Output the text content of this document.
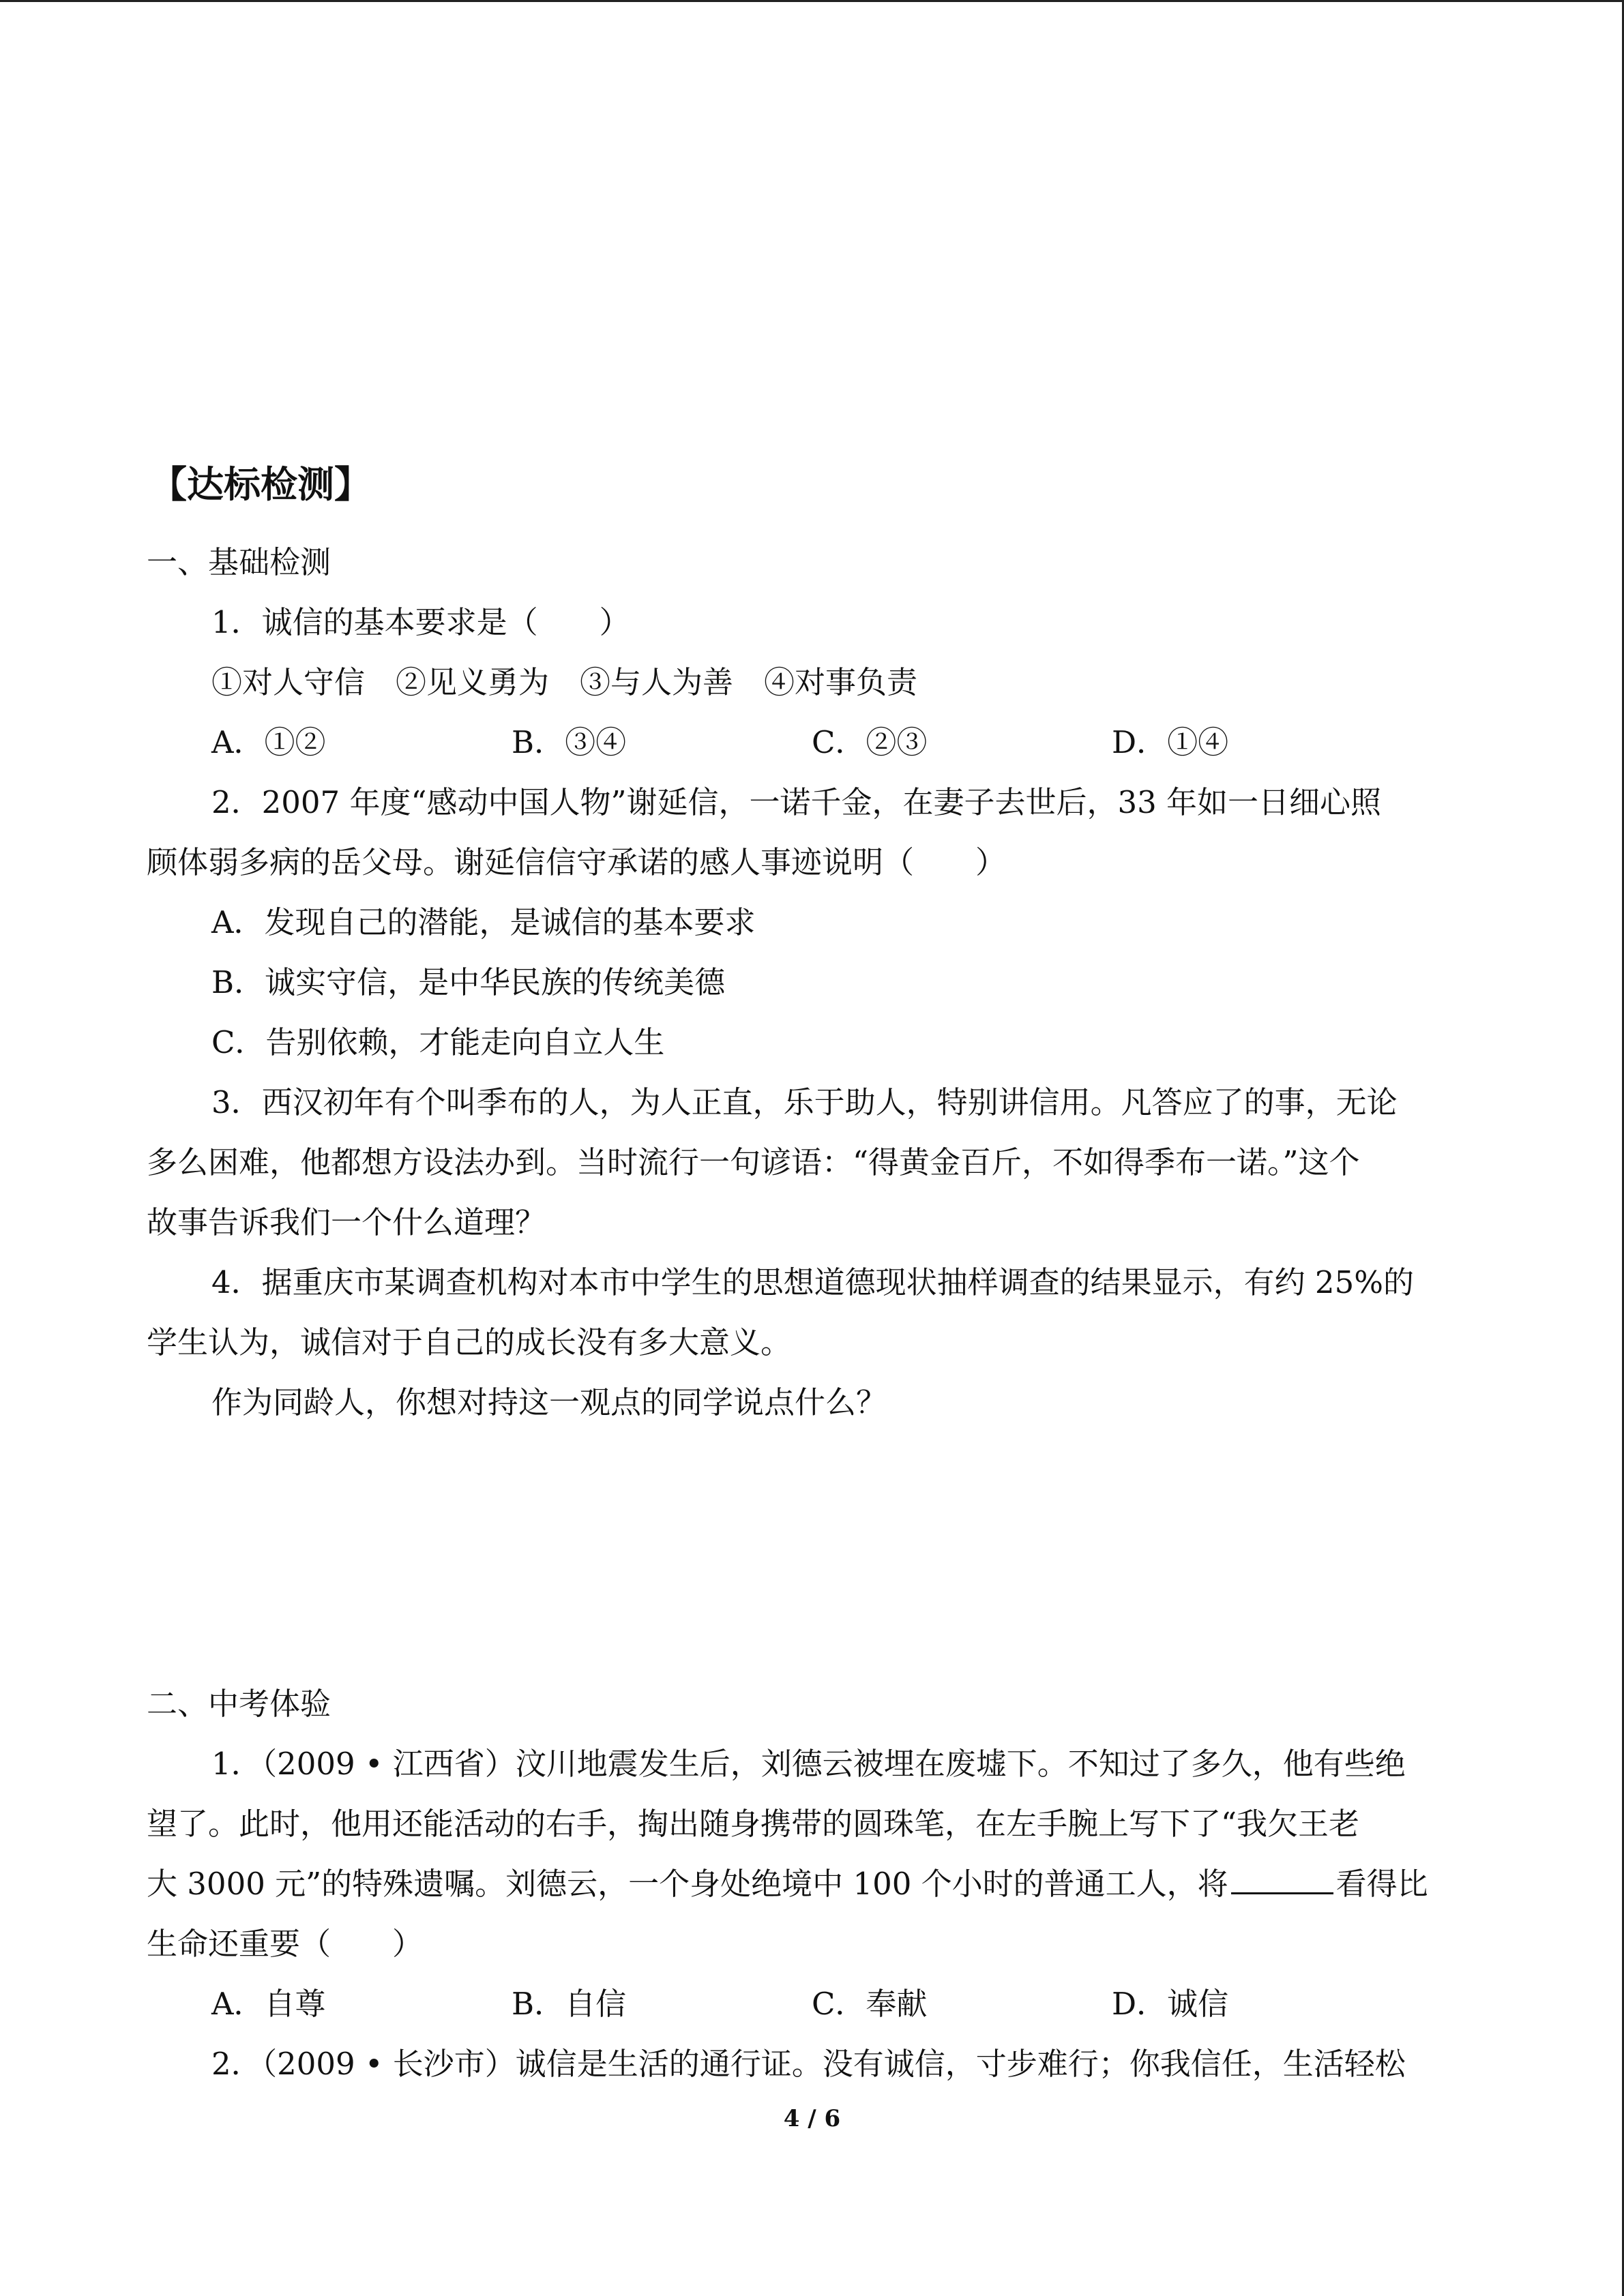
【达标检测】
一、基础检测
1．诚信的基本要求是（　　）
①对人守信　②见义勇为　③与人为善　④对事负责
A．①②	B．③④	C．②③	D．①④
2．2007 年度“感动中国人物”谢延信，一诺千金，在妻子去世后，33 年如一日细心照
顾体弱多病的岳父母。谢延信信守承诺的感人事迹说明（　　）
A．发现自己的潜能，是诚信的基本要求
B．诚实守信，是中华民族的传统美德
C．告别依赖，才能走向自立人生
3．西汉初年有个叫季布的人，为人正直，乐于助人，特别讲信用。凡答应了的事，无论
多么困难，他都想方设法办到。当时流行一句谚语：“得黄金百斤，不如得季布一诺。”这个
故事告诉我们一个什么道理？
4．据重庆市某调查机构对本市中学生的思想道德现状抽样调查的结果显示，有约 25%的
学生认为，诚信对于自己的成长没有多大意义。
作为同龄人，你想对持这一观点的同学说点什么？
二、中考体验
1．（2009 • 江西省）汶川地震发生后，刘德云被埋在废墟下。不知过了多久，他有些绝
望了。此时，他用还能活动的右手，掏出随身携带的圆珠笔，在左手腕上写下了“我欠王老
大 3000 元”的特殊遗嘱。刘德云，一个身处绝境中 100 个小时的普通工人，将	看得比
生命还重要（　　）
A．自尊	B．自信	C．奉献	D．诚信
2．（2009 • 长沙市）诚信是生活的通行证。没有诚信，寸步难行；你我信任，生活轻松
4 / 6
